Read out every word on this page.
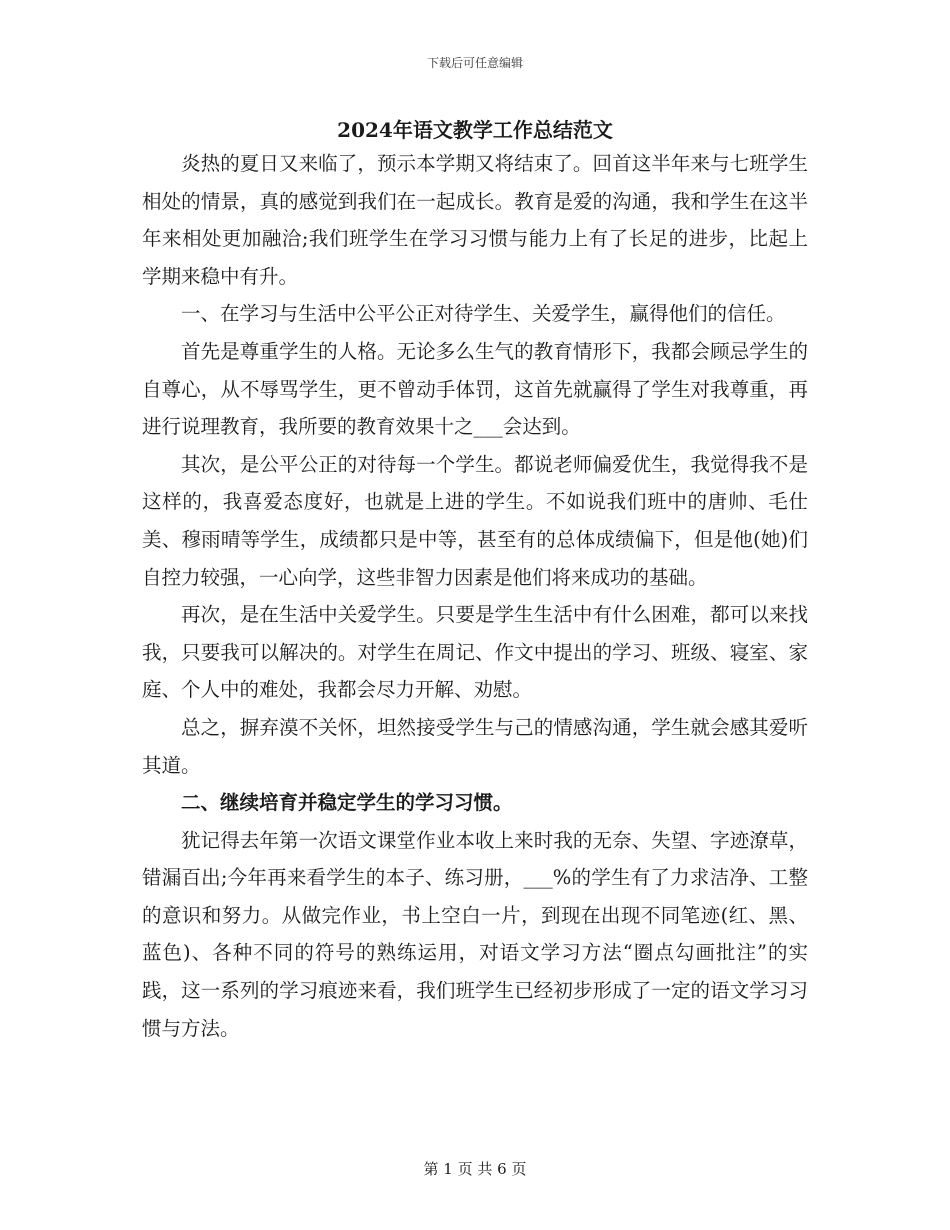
下载后可任意编辑
2024年语文教学工作总结范文

炎热的夏日又来临了，预示本学期又将结束了。回首这半年来与七班学生相处的情景，真的感觉到我们在一起成长。教育是爱的沟通，我和学生在这半年来相处更加融洽;我们班学生在学习习惯与能力上有了长足的进步，比起上学期来稳中有升。

一、在学习与生活中公平公正对待学生、关爱学生，赢得他们的信任。

首先是尊重学生的人格。无论多么生气的教育情形下，我都会顾忌学生的自尊心，从不辱骂学生，更不曾动手体罚，这首先就赢得了学生对我尊重，再进行说理教育，我所要的教育效果十之___会达到。

其次，是公平公正的对待每一个学生。都说老师偏爱优生，我觉得我不是这样的，我喜爱态度好，也就是上进的学生。不如说我们班中的唐帅、毛仕美、穆雨晴等学生，成绩都只是中等，甚至有的总体成绩偏下，但是他(她)们自控力较强，一心向学，这些非智力因素是他们将来成功的基础。

再次，是在生活中关爱学生。只要是学生生活中有什么困难，都可以来找我，只要我可以解决的。对学生在周记、作文中提出的学习、班级、寝室、家庭、个人中的难处，我都会尽力开解、劝慰。

总之，摒弃漠不关怀，坦然接受学生与己的情感沟通，学生就会感其爱听其道。

二、继续培育并稳定学生的学习习惯。

犹记得去年第一次语文课堂作业本收上来时我的无奈、失望、字迹潦草，错漏百出;今年再来看学生的本子、练习册，___%的学生有了力求洁净、工整的意识和努力。从做完作业，书上空白一片，到现在出现不同笔迹(红、黑、蓝色)、各种不同的符号的熟练运用，对语文学习方法“圈点勾画批注”的实践，这一系列的学习痕迹来看，我们班学生已经初步形成了一定的语文学习习惯与方法。

第 1 页 共 6 页
